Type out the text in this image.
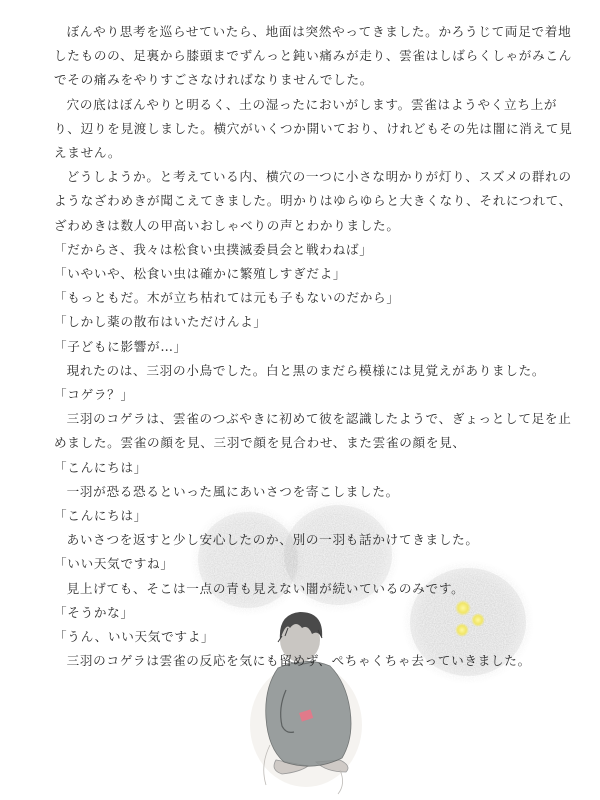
ぼんやり思考を巡らせていたら、地面は突然やってきました。かろうじて両足で着地したものの、足裏から膝頭までずんっと鈍い痛みが走り、雲雀はしばらくしゃがみこんでその痛みをやりすごさなければなりませんでした。

穴の底はぼんやりと明るく、土の湿ったにおいがします。雲雀はようやく立ち上がり、辺りを見渡しました。横穴がいくつか開いており、けれどもその先は闇に消えて見えません。

どうしようか。と考えている内、横穴の一つに小さな明かりが灯り、スズメの群れのようなざわめきが聞こえてきました。明かりはゆらゆらと大きくなり、それにつれて、ざわめきは数人の甲高いおしゃべりの声とわかりました。

「だからさ、我々は松食い虫撲滅委員会と戦わねば」

「いやいや、松食い虫は確かに繁殖しすぎだよ」

「もっともだ。木が立ち枯れては元も子もないのだから」

「しかし薬の散布はいただけんよ」

「子どもに影響が…」

現れたのは、三羽の小鳥でした。白と黒のまだら模様には見覚えがありました。

「コゲラ？」

三羽のコゲラは、雲雀のつぶやきに初めて彼を認識したようで、ぎょっとして足を止めました。雲雀の顔を見、三羽で顔を見合わせ、また雲雀の顔を見、

「こんにちは」

一羽が恐る恐るといった風にあいさつを寄こしました。

「こんにちは」

あいさつを返すと少し安心したのか、別の一羽も話かけてきました。

「いい天気ですね」

見上げても、そこは一点の青も見えない闇が続いているのみです。

「そうかな」

「うん、いい天気ですよ」

三羽のコゲラは雲雀の反応を気にも留めず、ぺちゃくちゃ去っていきました。
